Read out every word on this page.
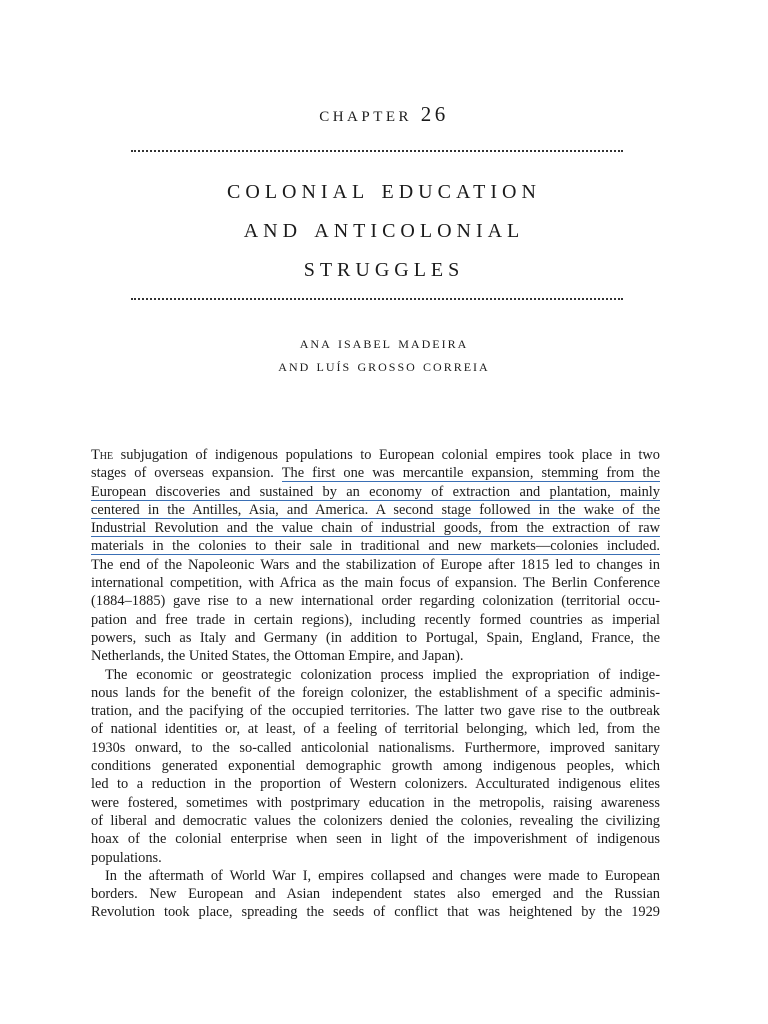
chapter 26
colonial education
and anticolonial
struggles
ana isabel madeira
and luís grosso correia
The subjugation of indigenous populations to European colonial empires took place in two
stages of overseas expansion. The first one was mercantile expansion, stemming from the
European discoveries and sustained by an economy of extraction and plantation, mainly
centered in the Antilles, Asia, and America. A second stage followed in the wake of the
Industrial Revolution and the value chain of industrial goods, from the extraction of raw
materials in the colonies to their sale in traditional and new markets—colonies included.
The end of the Napoleonic Wars and the stabilization of Europe after 1815 led to changes in
international competition, with Africa as the main focus of expansion. The Berlin Conference
(1884–1885) gave rise to a new international order regarding colonization (territorial occu-
pation and free trade in certain regions), including recently formed countries as imperial
powers, such as Italy and Germany (in addition to Portugal, Spain, England, France, the
Netherlands, the United States, the Ottoman Empire, and Japan).
The economic or geostrategic colonization process implied the expropriation of indige-
nous lands for the benefit of the foreign colonizer, the establishment of a specific adminis-
tration, and the pacifying of the occupied territories. The latter two gave rise to the outbreak
of national identities or, at least, of a feeling of territorial belonging, which led, from the
1930s onward, to the so-called anticolonial nationalisms. Furthermore, improved sanitary
conditions generated exponential demographic growth among indigenous peoples, which
led to a reduction in the proportion of Western colonizers. Acculturated indigenous elites
were fostered, sometimes with postprimary education in the metropolis, raising awareness
of liberal and democratic values the colonizers denied the colonies, revealing the civilizing
hoax of the colonial enterprise when seen in light of the impoverishment of indigenous
populations.
In the aftermath of World War I, empires collapsed and changes were made to European
borders. New European and Asian independent states also emerged and the Russian
Revolution took place, spreading the seeds of conflict that was heightened by the 1929
